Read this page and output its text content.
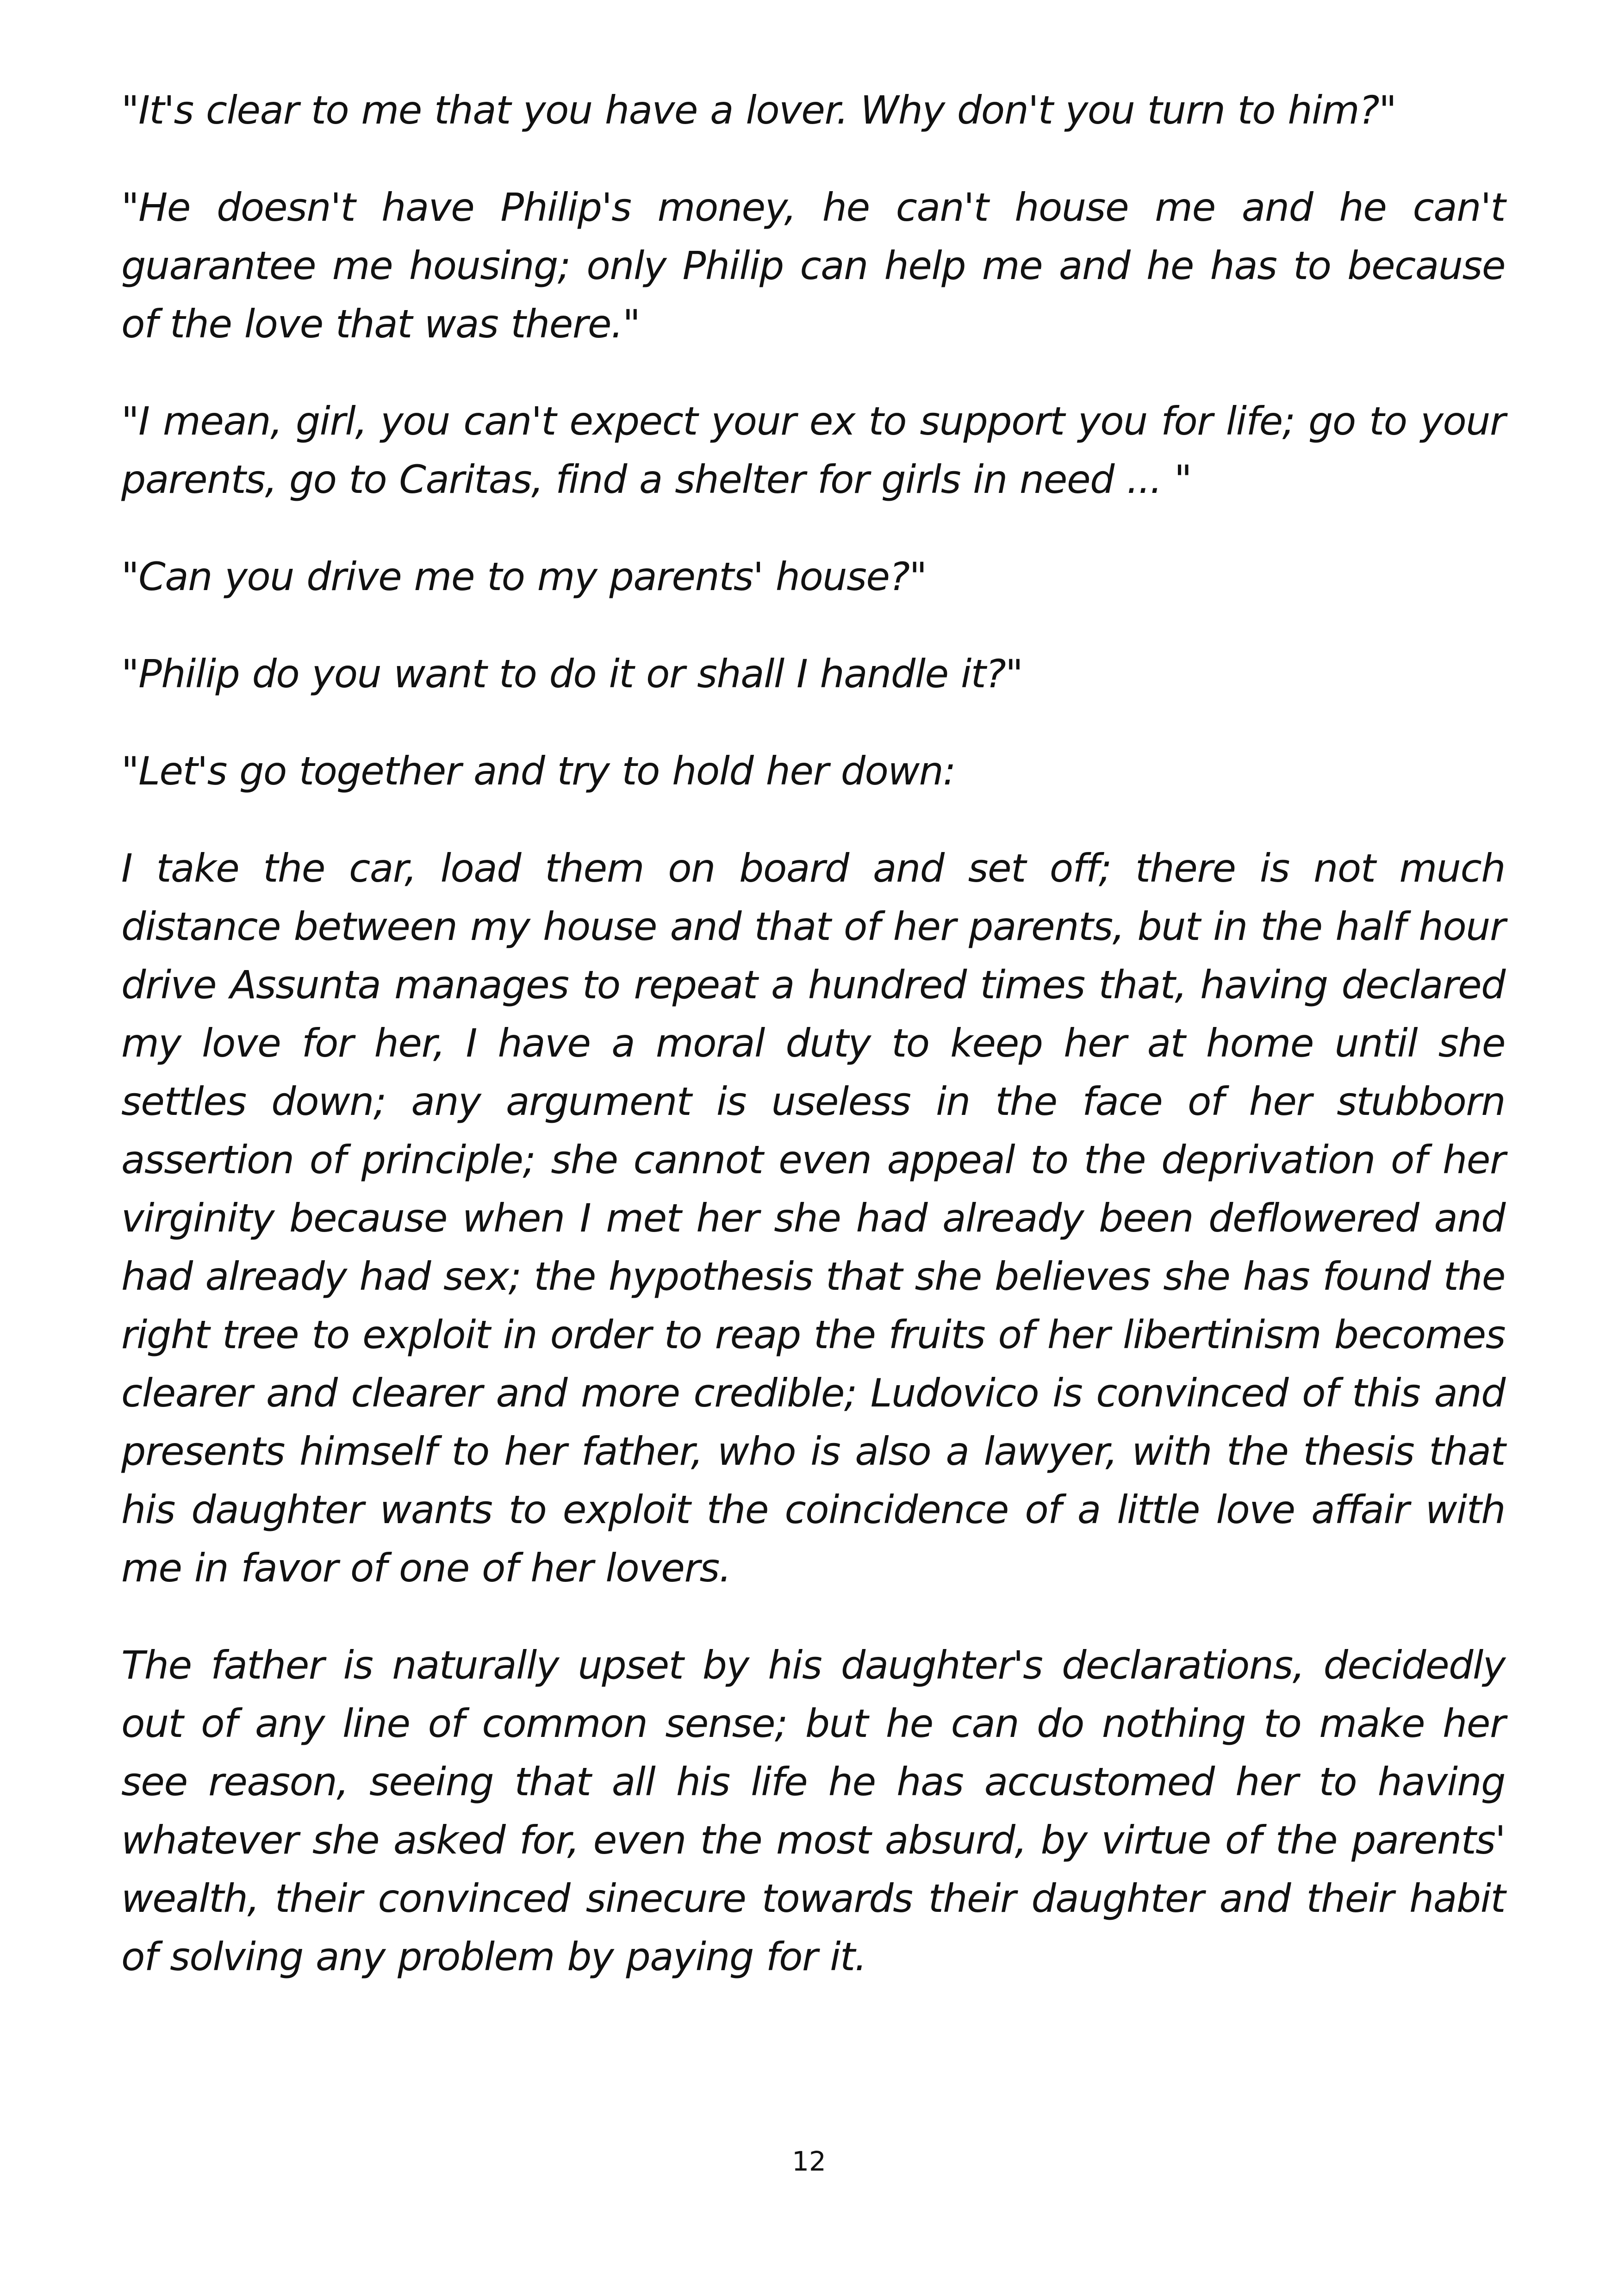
"It's clear to me that you have a lover. Why don't you turn to him?"

"He doesn't have Philip's money, he can't house me and he can't guarantee me housing; only Philip can help me and he has to because of the love that was there."

"I mean, girl, you can't expect your ex to support you for life; go to your parents, go to Caritas, find a shelter for girls in need ... "

"Can you drive me to my parents' house?"

"Philip do you want to do it or shall I handle it?"

"Let's go together and try to hold her down:

I take the car, load them on board and set off; there is not much distance between my house and that of her parents, but in the half hour drive Assunta manages to repeat a hundred times that, having declared my love for her, I have a moral duty to keep her at home until she settles down; any argument is useless in the face of her stubborn assertion of principle; she cannot even appeal to the deprivation of her virginity because when I met her she had already been deflowered and had already had sex; the hypothesis that she believes she has found the right tree to exploit in order to reap the fruits of her libertinism becomes clearer and clearer and more credible; Ludovico is convinced of this and presents himself to her father, who is also a lawyer, with the thesis that his daughter wants to exploit the coincidence of a little love affair with me in favor of one of her lovers.

The father is naturally upset by his daughter's declarations, decidedly out of any line of common sense; but he can do nothing to make her see reason, seeing that all his life he has accustomed her to having whatever she asked for, even the most absurd, by virtue of the parents' wealth, their convinced sinecure towards their daughter and their habit of solving any problem by paying for it.

12
